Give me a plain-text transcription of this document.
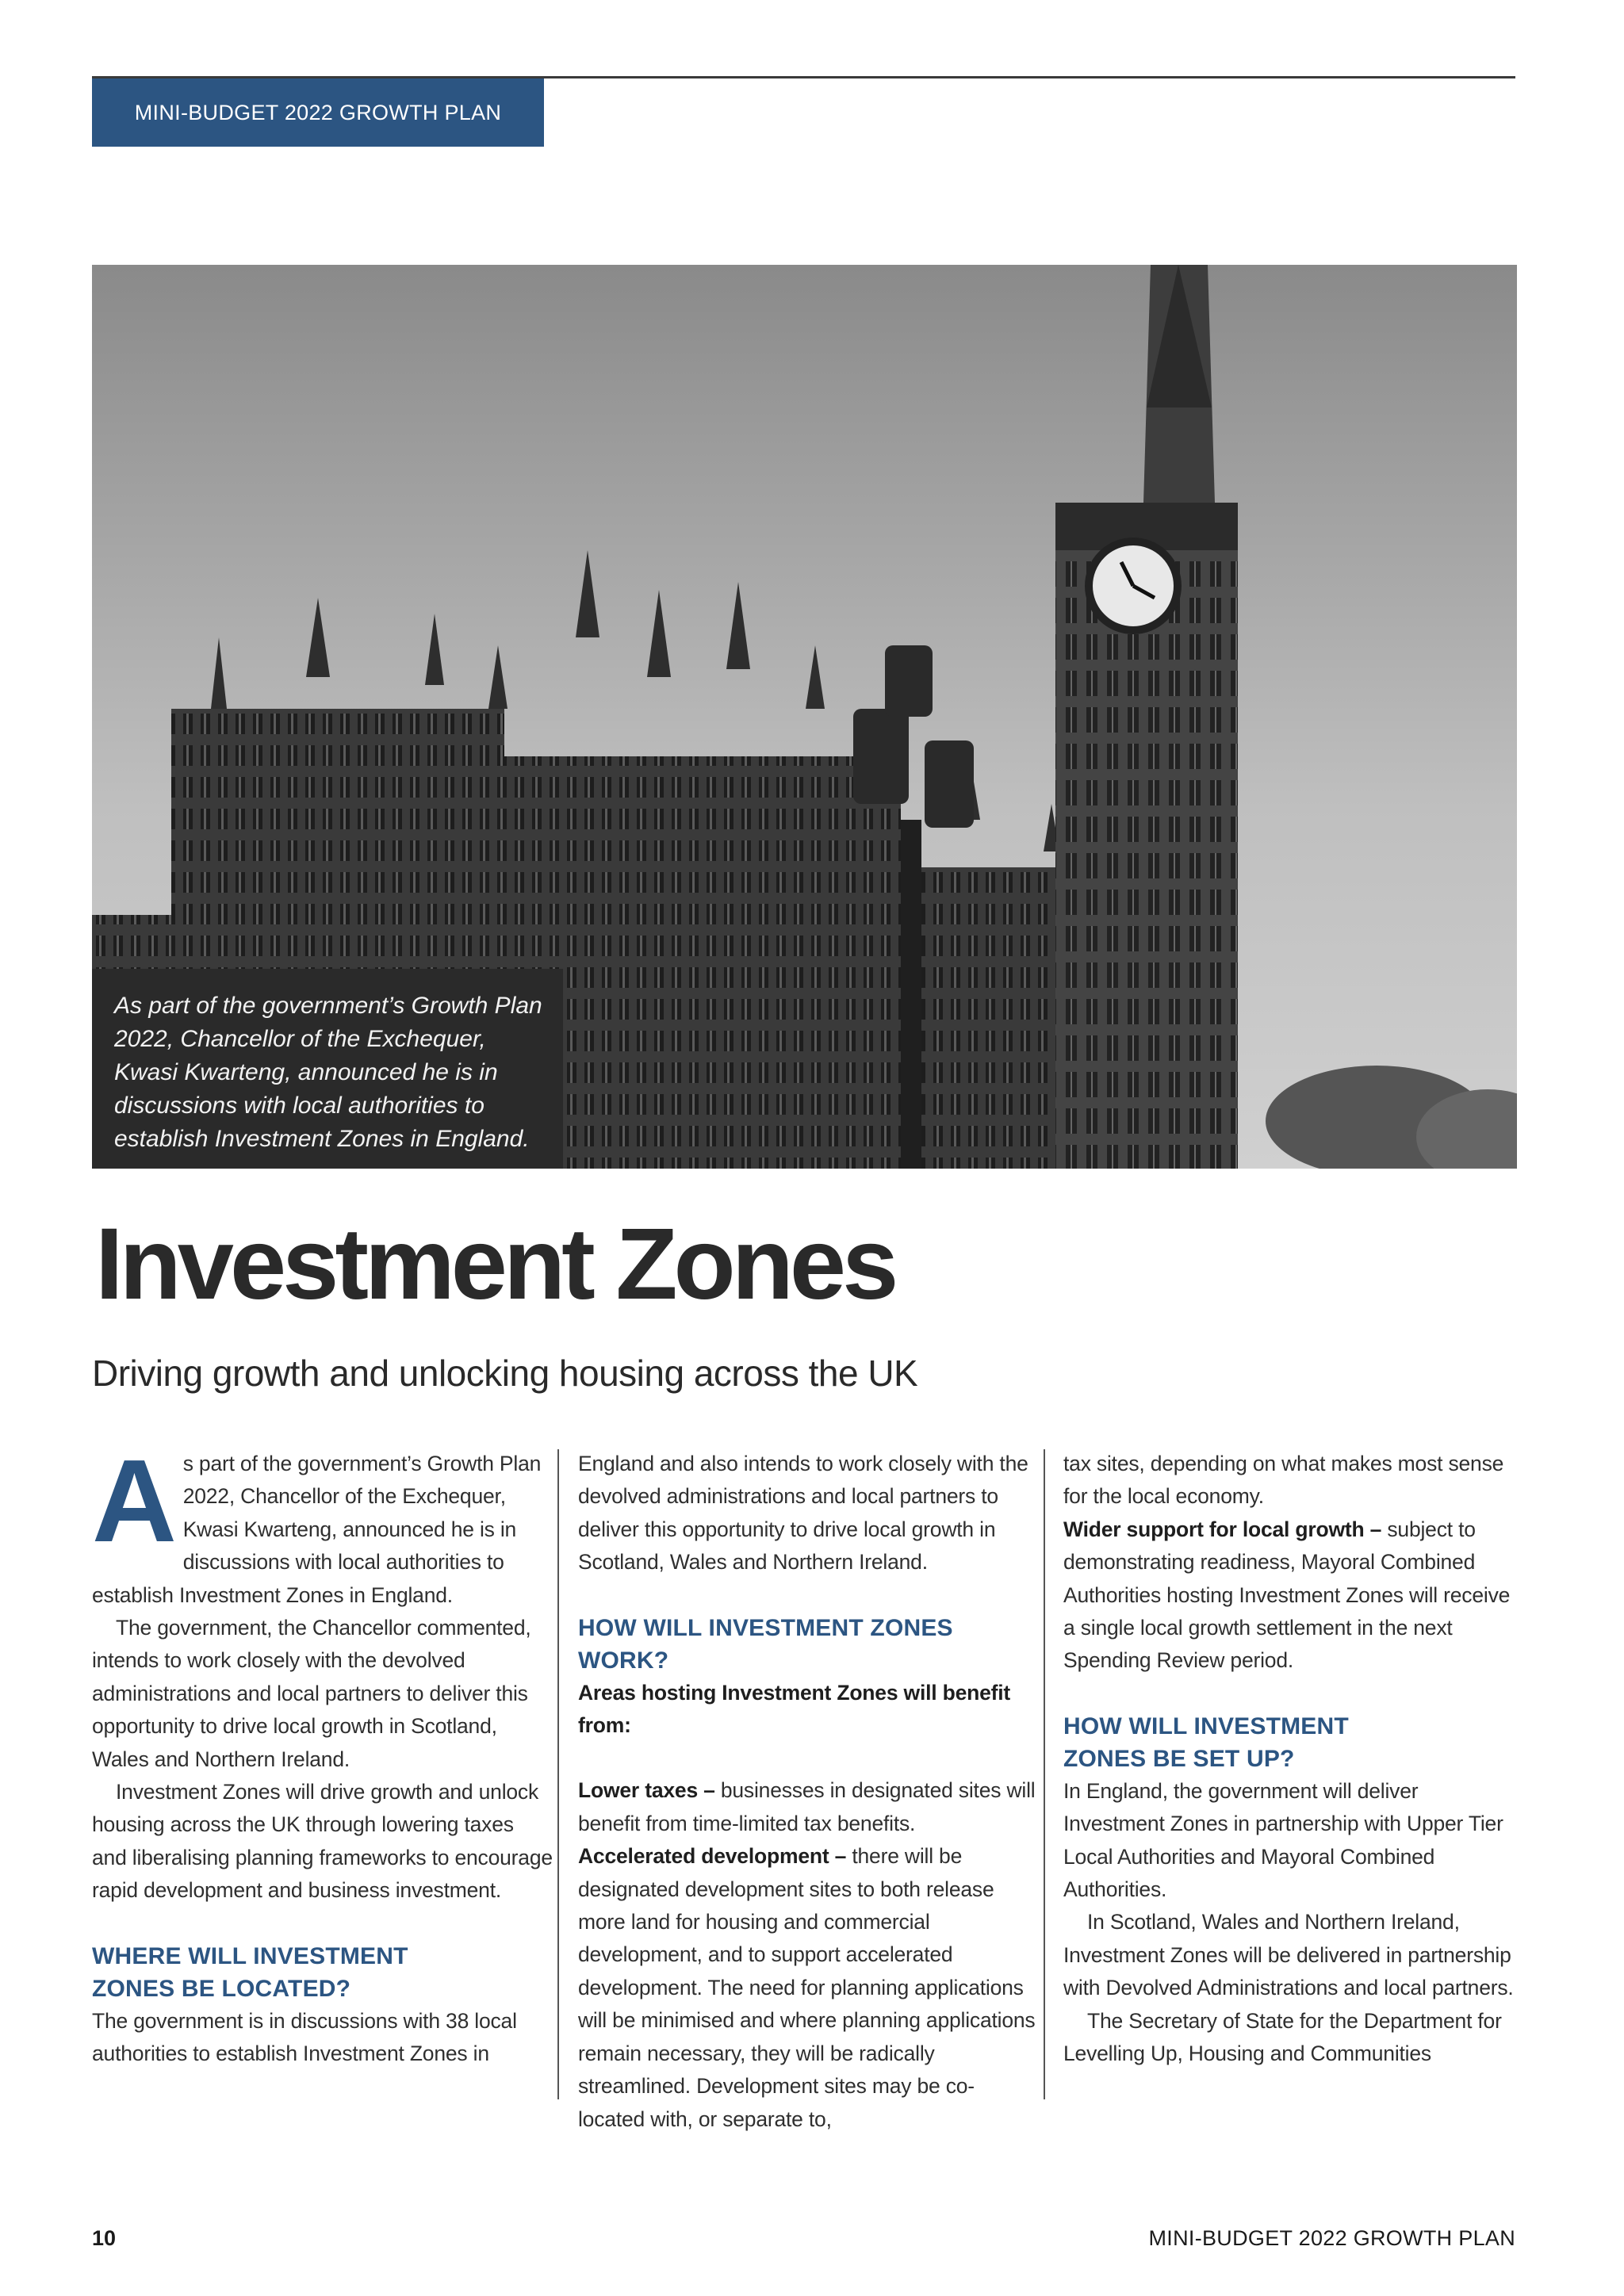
MINI-BUDGET 2022 GROWTH PLAN
As part of the government’s Growth Plan 2022, Chancellor of the Exchequer, Kwasi Kwarteng, announced he is in discussions with local authorities to establish Investment Zones in England.
Investment Zones
Driving growth and unlocking housing across the UK

As part of the government’s Growth Plan 2022, Chancellor of the Exchequer, Kwasi Kwarteng, announced he is in discussions with local authorities to establish Investment Zones in England.

The government, the Chancellor commented, intends to work closely with the devolved administrations and local partners to deliver this opportunity to drive local growth in Scotland, Wales and Northern Ireland.

Investment Zones will drive growth and unlock housing across the UK through lowering taxes and liberalising planning frameworks to encourage rapid development and business investment.

WHERE WILL INVESTMENT
ZONES BE LOCATED?

The government is in discussions with 38 local authorities to establish Investment Zones in

England and also intends to work closely with the devolved administrations and local partners to deliver this opportunity to drive local growth in Scotland, Wales and Northern Ireland.

HOW WILL INVESTMENT ZONES WORK?

Areas hosting Investment Zones will benefit from:

Lower taxes – businesses in designated sites will benefit from time-limited tax benefits.

Accelerated development – there will be designated development sites to both release more land for housing and commercial development, and to support accelerated development. The need for planning applications will be minimised and where planning applications remain necessary, they will be radically streamlined. Development sites may be co-located with, or separate to,

tax sites, depending on what makes most sense for the local economy.

Wider support for local growth – subject to demonstrating readiness, Mayoral Combined Authorities hosting Investment Zones will receive a single local growth settlement in the next Spending Review period.

HOW WILL INVESTMENT
ZONES BE SET UP?

In England, the government will deliver Investment Zones in partnership with Upper Tier Local Authorities and Mayoral Combined Authorities.

In Scotland, Wales and Northern Ireland, Investment Zones will be delivered in partnership with Devolved Administrations and local partners.

The Secretary of State for the Department for Levelling Up, Housing and Communities

10	MINI-BUDGET 2022 GROWTH PLAN
